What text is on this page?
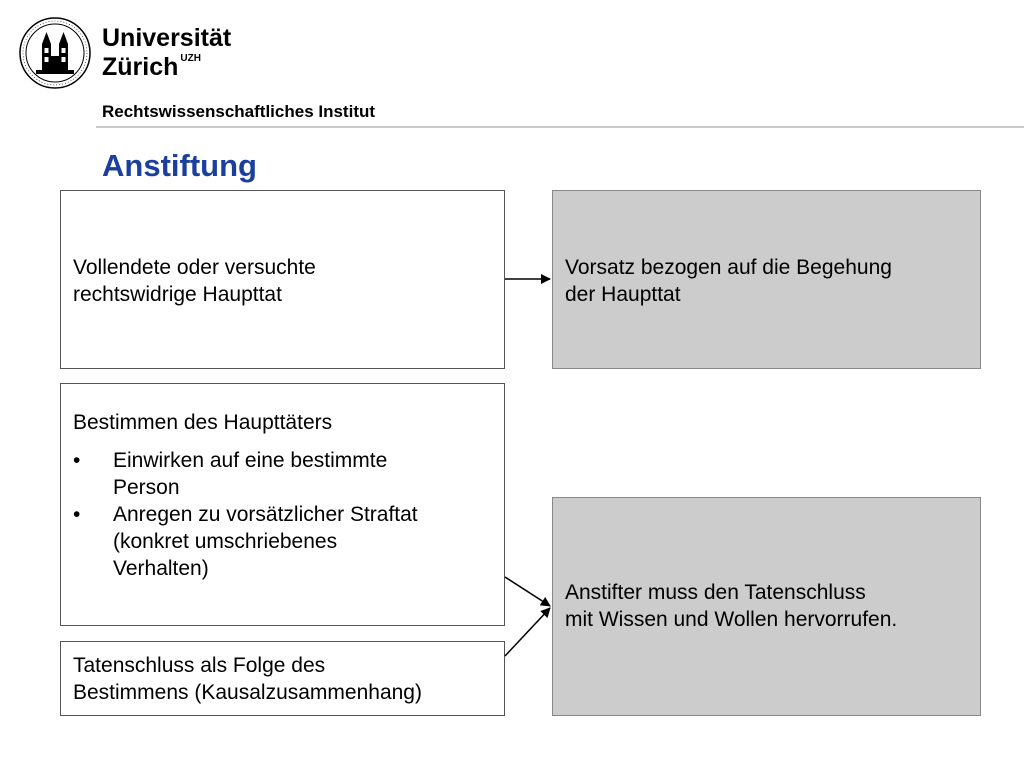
Universität
Zürich $^{UZH}$
Rechtswissenschaftliches Institut
Anstiftung
Vollendete oder versuchte
rechtswidrige Haupttat
Vorsatz bezogen auf die Begehung
der Haupttat
Bestimmen des Haupttäters
• Einwirken auf eine bestimmte
Person
• Anregen zu vorsätzlicher Straftat
(konkret umschriebenes
Verhalten)
Tatenschluss als Folge des
Bestimmens (Kausalzusammenhang)
Anstifter muss den Tatenschluss
mit Wissen und Wollen hervorrufen.
